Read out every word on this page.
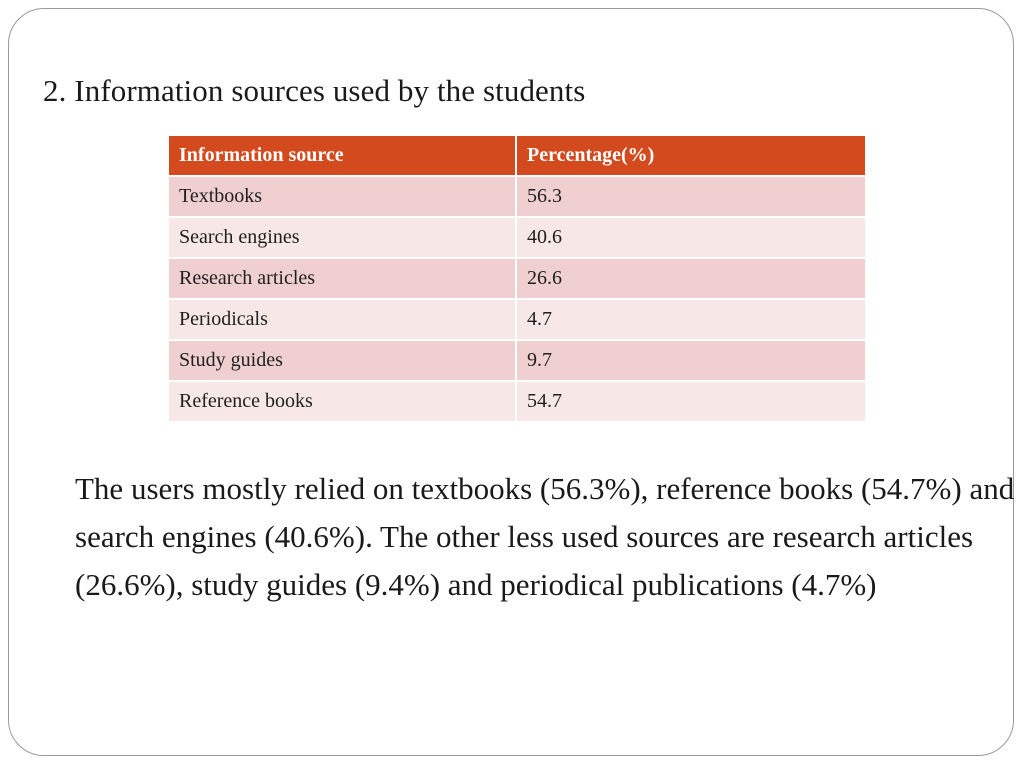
2. Information sources used by the students
Information source	Percentage(%)
Textbooks	56.3
Search engines	40.6
Research articles	26.6
Periodicals	4.7
Study guides	9.7
Reference books	54.7

The users mostly relied on textbooks (56.3%), reference books (54.7%) and search engines (40.6%). The other less used sources are research articles (26.6%), study guides (9.4%) and periodical publications (4.7%)
